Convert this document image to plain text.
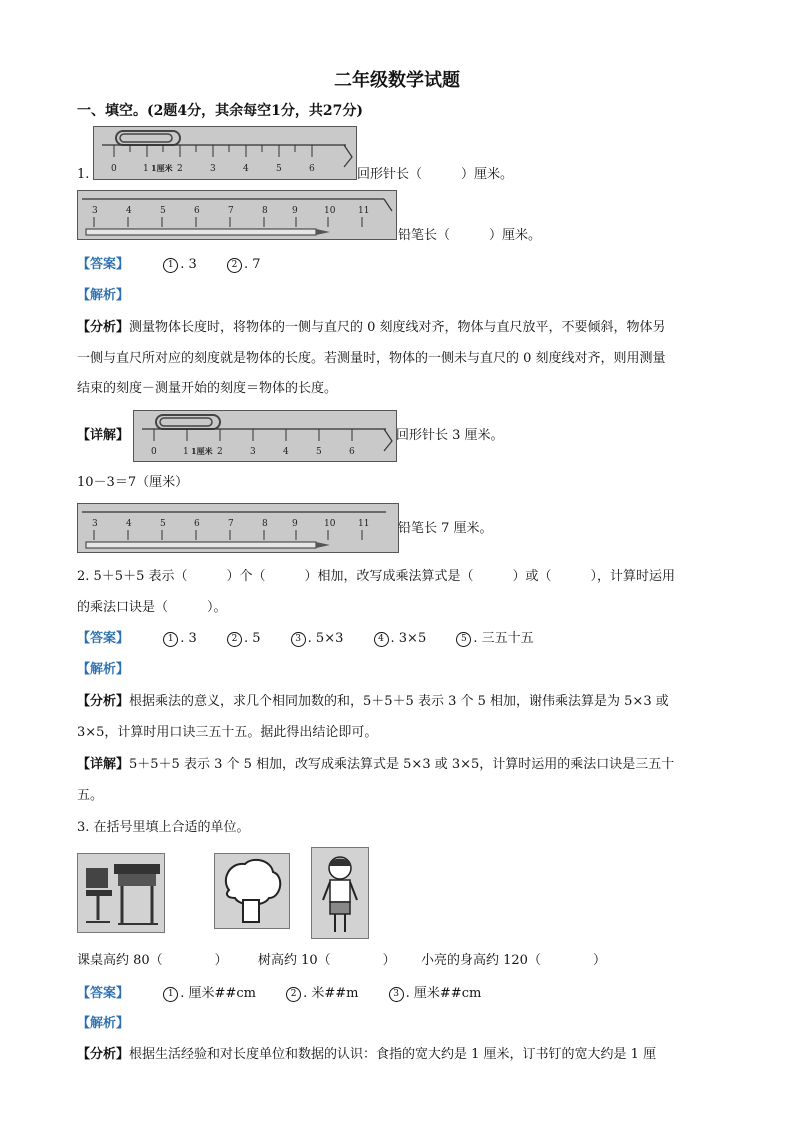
二年级数学试题
一、填空。(2题4分，其余每空1分，共27分)
1. 0	1 1厘米 2	3	4	5	6	回形针长（　　　）厘米。
3	4	5	6	7	8	9	10	11
铅笔长（　　　）厘米。
【答案】	1 . 3	2 . 7
【解析】
【分析】测量物体长度时，将物体的一侧与直尺的 0 刻度线对齐，物体与直尺放平，不要倾斜，物体另
一侧与直尺所对应的刻度就是物体的长度。若测量时，物体的一侧未与直尺的 0 刻度线对齐，则用测量
结束的刻度－测量开始的刻度＝物体的长度。
【详解】
0	1 1厘米 2	3	4	5	6
回形针长 3 厘米。
10－3＝7（厘米）
3	4	5	6	7	8	9	10	11 铅笔长 7 厘米。
2. 5＋5＋5 表示（　　　）个（　　　）相加，改写成乘法算式是（　　　）或（　　　），计算时运用
的乘法口诀是（　　　）。
【答案】	1 . 3	2 . 5	3 . 5×3	4 . 3×5	5 . 三五十五
【解析】
【分析】根据乘法的意义，求几个相同加数的和，5＋5＋5 表示 3 个 5 相加，谢伟乘法算是为 5×3 或
3×5，计算时用口诀三五十五。据此得出结论即可。
【详解】5＋5＋5 表示 3 个 5 相加，改写成乘法算式是 5×3 或 3×5，计算时运用的乘法口诀是三五十
五。
3. 在括号里填上合适的单位。
课桌高约 80（　　　　） 树高约 10（　　　　） 小亮的身高约 120（　　　　）
【答案】	1 . 厘米##cm	2 . 米##m	3 . 厘米##cm
【解析】
【分析】根据生活经验和对长度单位和数据的认识：食指的宽大约是 1 厘米，订书钉的宽大约是 1 厘
